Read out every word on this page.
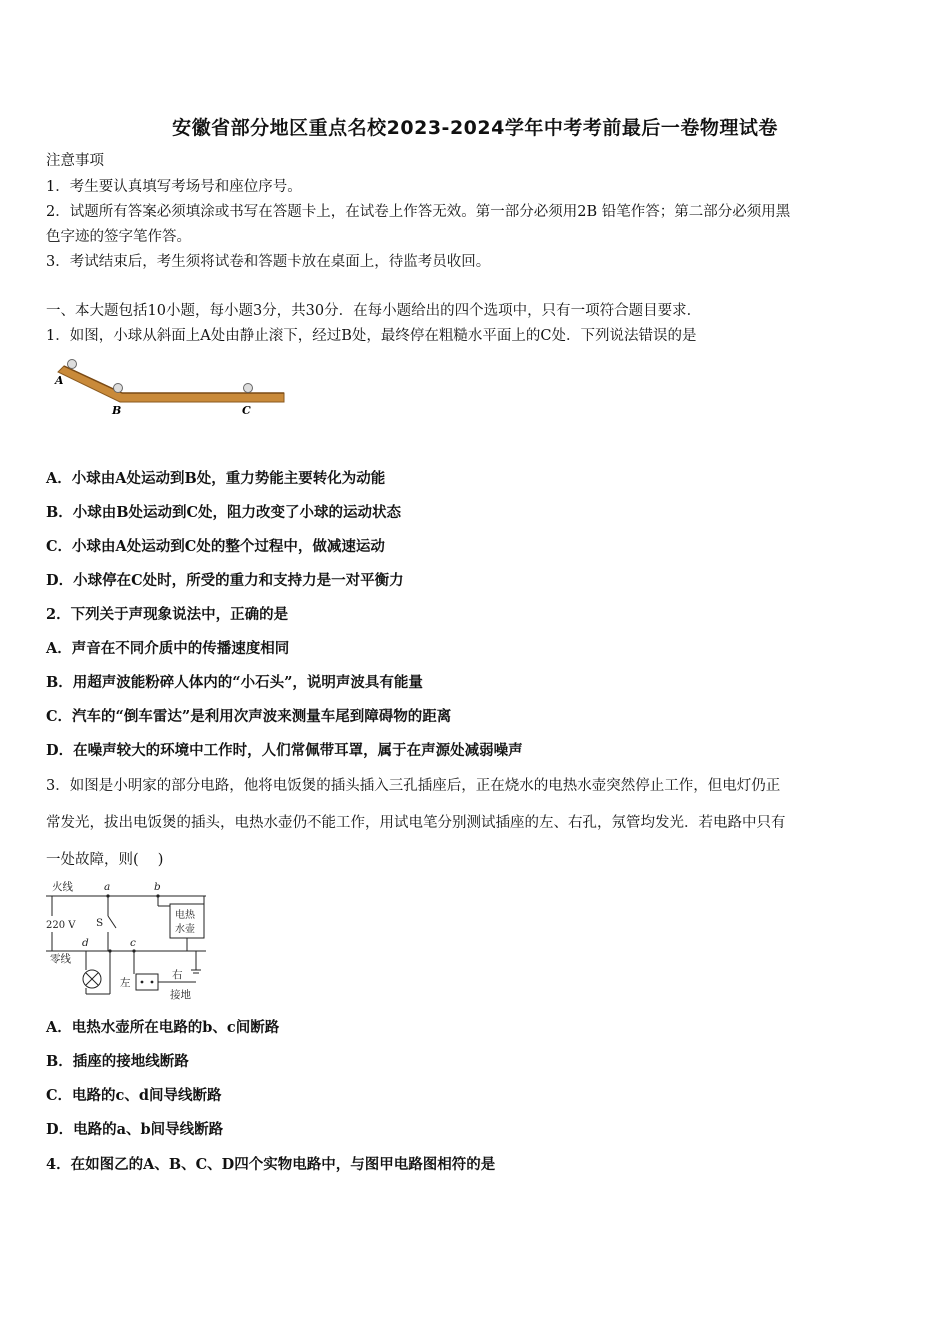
安徽省部分地区重点名校2023-2024学年中考考前最后一卷物理试卷
注意事项
1．考生要认真填写考场号和座位序号。
2．试题所有答案必须填涂或书写在答题卡上，在试卷上作答无效。第一部分必须用2B 铅笔作答；第二部分必须用黑
色字迹的签字笔作答。
3．考试结束后，考生须将试卷和答题卡放在桌面上，待监考员收回。
一、本大题包括10小题，每小题3分，共30分．在每小题给出的四个选项中，只有一项符合题目要求．
1．如图，小球从斜面上A处由静止滚下，经过B处，最终停在粗糙水平面上的C处．下列说法错误的是
A
B	C
A．小球由A处运动到B处，重力势能主要转化为动能
B．小球由B处运动到C处，阻力改变了小球的运动状态
C．小球由A处运动到C处的整个过程中，做减速运动
D．小球停在C处时，所受的重力和支持力是一对平衡力
2．下列关于声现象说法中，正确的是
A．声音在不同介质中的传播速度相同
B．用超声波能粉碎人体内的“小石头”，说明声波具有能量
C．汽车的“倒车雷达”是利用次声波来测量车尾到障碍物的距离
D．在噪声较大的环境中工作时，人们常佩带耳罩，属于在声源处减弱噪声
3．如图是小明家的部分电路，他将电饭煲的插头插入三孔插座后，正在烧水的电热水壶突然停止工作，但电灯仍正
常发光，拔出电饭煲的插头，电热水壶仍不能工作，用试电笔分别测试插座的左、右孔，氖管均发光．若电路中只有
一处故障，则(　 )
火线
零线
220 V
a	b
c
d
S
电热
水壶
左
右
接地
A．电热水壶所在电路的b、c间断路
B．插座的接地线断路
C．电路的c、d间导线断路
D．电路的a、b间导线断路
4．在如图乙的A、B、C、D四个实物电路中，与图甲电路图相符的是
